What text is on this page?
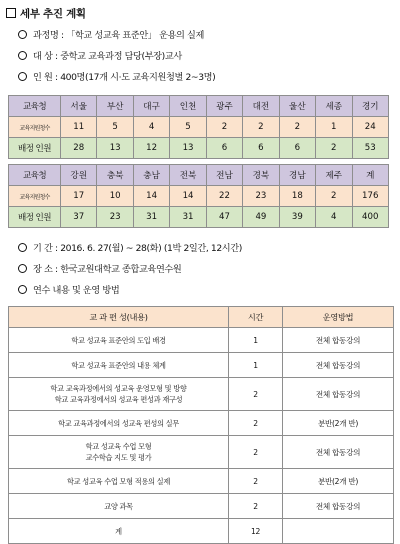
세부 추진 계획
과정명 : 「학교 성교육 표준안」 운용의 실제
대 상 : 중학교 교육과정 담당(부장)교사
인 원 : 400명(17개 시·도 교육지원청별 2~3명)
교육청	서울	부산	대구	인천	광주	대전	울산	세종	경기
교육지원청수	11	5	4	5	2	2	2	1	24
배정 인원	28	13	12	13	6	6	6	2	53
교육청	강원	충북	충남	전북	전남	경북	경남	제주	계
교육지원청수	17	10	14	14	22	23	18	2	176
배정 인원	37	23	31	31	47	49	39	4	400
기 간 : 2016. 6. 27(월) ~ 28(화) (1박 2일간, 12시간)
장 소 : 한국교원대학교 종합교육연수원
연수 내용 및 운영 방법
교 과 편 성(내용)	시간	운영방법
학교 성교육 표준안의 도입 배경	1	전체 합동강의
학교 성교육 표준안의 내용 체계	1	전체 합동강의
학교 교육과정에서의 성교육 운영모형 및 방향
학교 교육과정에서의 성교육 편성과 재구성	2	전체 합동강의
학교 교육과정에서의 성교육 편성의 실무	2	분반(2개 반)
학교 성교육 수업 모형
교수학습 지도 및 평가	2	전체 합동강의
학교 성교육 수업 모형 적용의 실제	2	분반(2개 반)
교양 과목	2	전체 합동강의
계	12	
